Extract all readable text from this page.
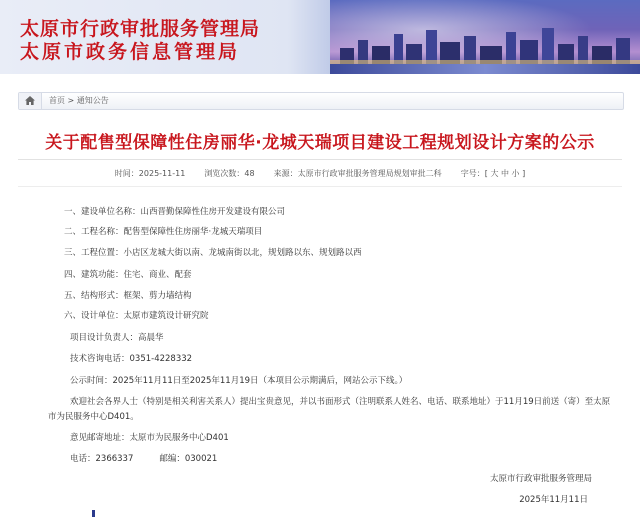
太原市行政审批服务管理局
太原市政务信息管理局
首页 > 通知公告
关于配售型保障性住房丽华·龙城天瑞项目建设工程规划设计方案的公示
时间：2025-11-11 浏览次数：48 来源：太原市行政审批服务管理局规划审批二科 字号：[ 大 中 小 ]
一、建设单位名称：山西晋勤保障性住房开发建设有限公司
二、工程名称：配售型保障性住房丽华·龙城天瑞项目
三、工程位置：小店区龙城大街以南、龙城南街以北，规划路以东、规划路以西
四、建筑功能：住宅、商业、配套
五、结构形式：框架、剪力墙结构
六、设计单位：太原市建筑设计研究院
项目设计负责人：高晨华
技术咨询电话：0351-4228332
公示时间：2025年11月11日至2025年11月19日（本项目公示期满后，网站公示下线。）
欢迎社会各界人士（特别是相关利害关系人）提出宝贵意见，并以书面形式（注明联系人姓名、电话、联系地址）于11月19日前送（寄）至太原
市为民服务中心D401。
意见邮寄地址：太原市为民服务中心D401
电话：2366337	邮编：030021
太原市行政审批服务管理局
2025年11月11日
